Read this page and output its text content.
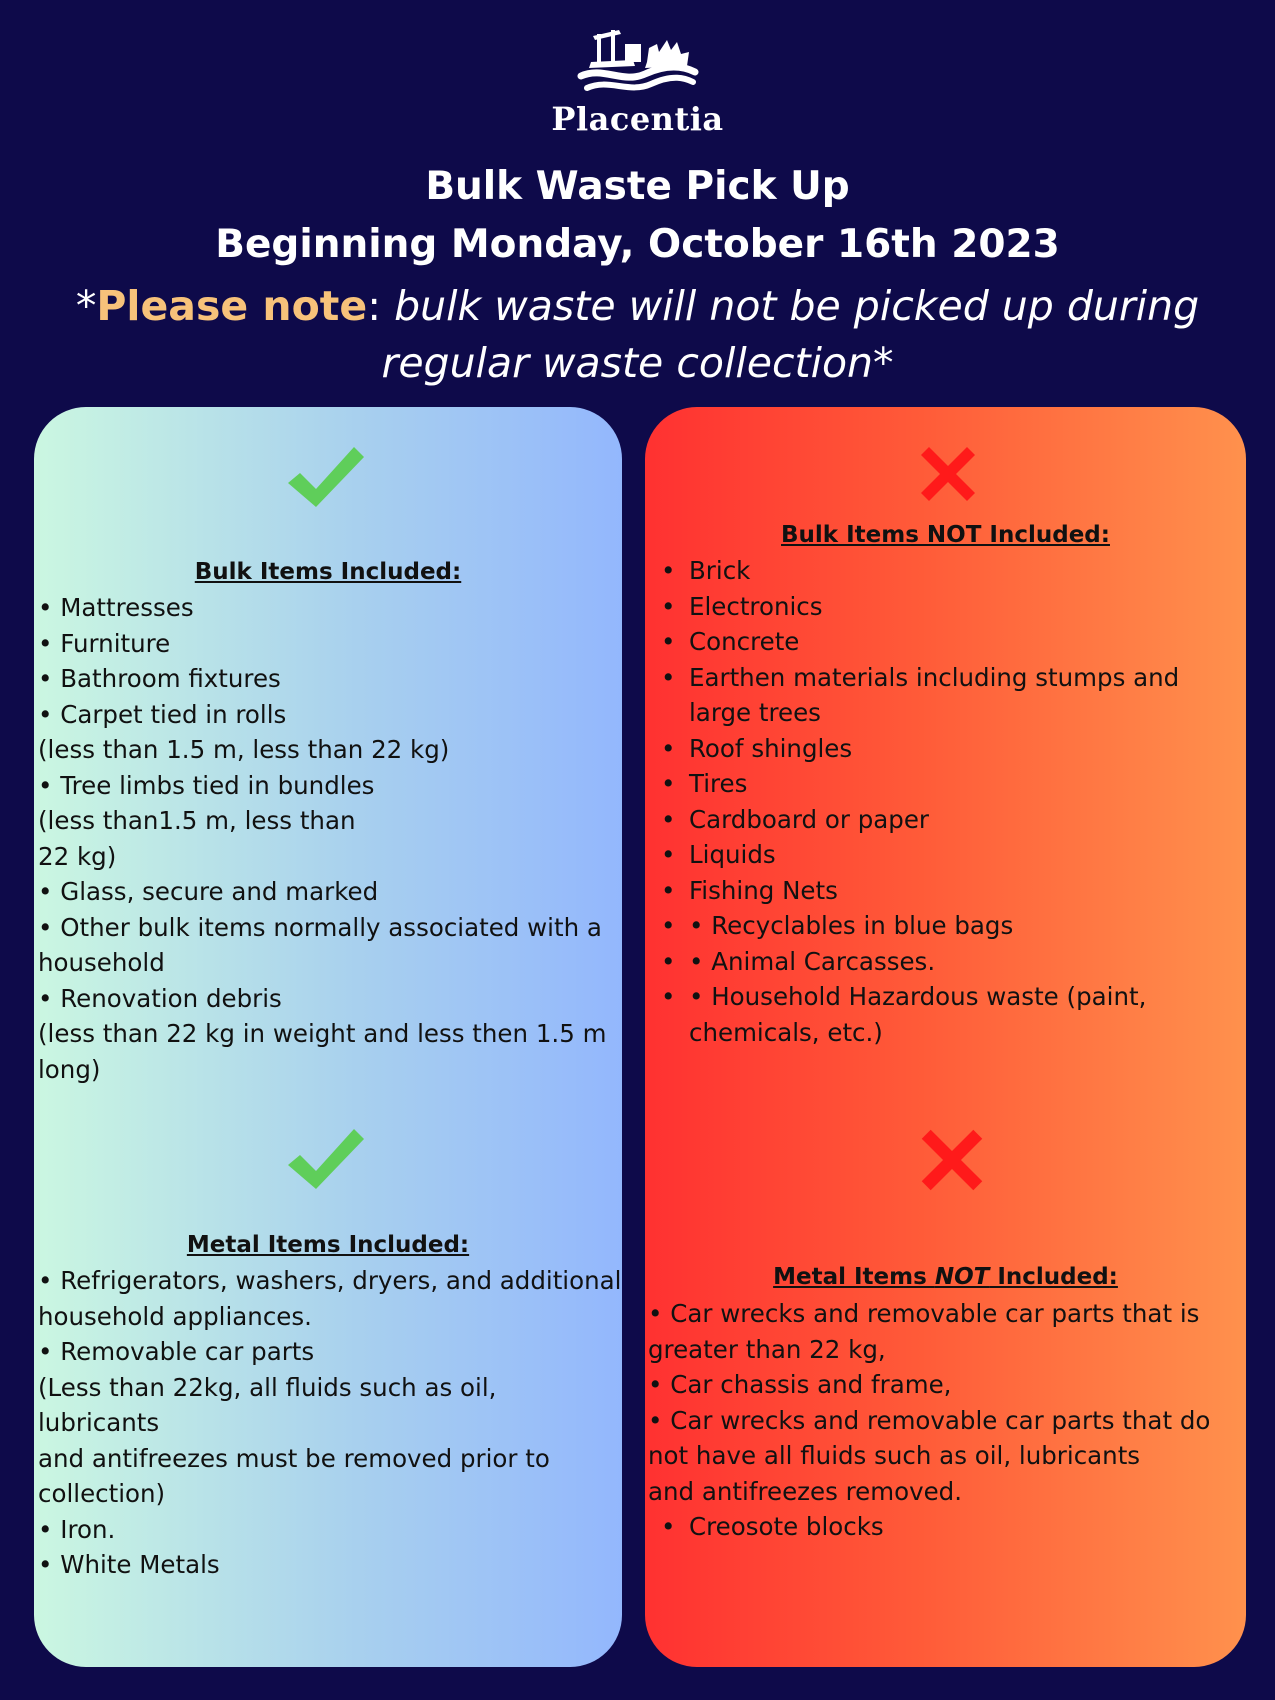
Placentia
Bulk Waste Pick Up
Beginning Monday, October 16th 2023
*Please note: bulk waste will not be picked up during regular waste collection*
Bulk Items Included:
• Mattresses
• Furniture
• Bathroom fixtures
• Carpet tied in rolls
(less than 1.5 m, less than 22 kg)
• Tree limbs tied in bundles
(less than1.5 m, less than
22 kg)
• Glass, secure and marked
• Other bulk items normally associated with a
household
• Renovation debris
(less than 22 kg in weight and less then 1.5 m
long)
Metal Items Included:
• Refrigerators, washers, dryers, and additional
household appliances.
• Removable car parts
(Less than 22kg, all fluids such as oil, lubricants
and antifreezes must be removed prior to
collection)
• Iron.
• White Metals
Bulk Items NOT Included:
• Brick
• Electronics
• Concrete
• Earthen materials including stumps and
large trees
• Roof shingles
• Tires
• Cardboard or paper
• Liquids
• Fishing Nets
• • Recyclables in blue bags
• • Animal Carcasses.
• • Household Hazardous waste (paint,
chemicals, etc.)
Metal Items NOT Included:
• Car wrecks and removable car parts that is
greater than 22 kg,
• Car chassis and frame,
• Car wrecks and removable car parts that do
not have all fluids such as oil, lubricants
and antifreezes removed.
• Creosote blocks
